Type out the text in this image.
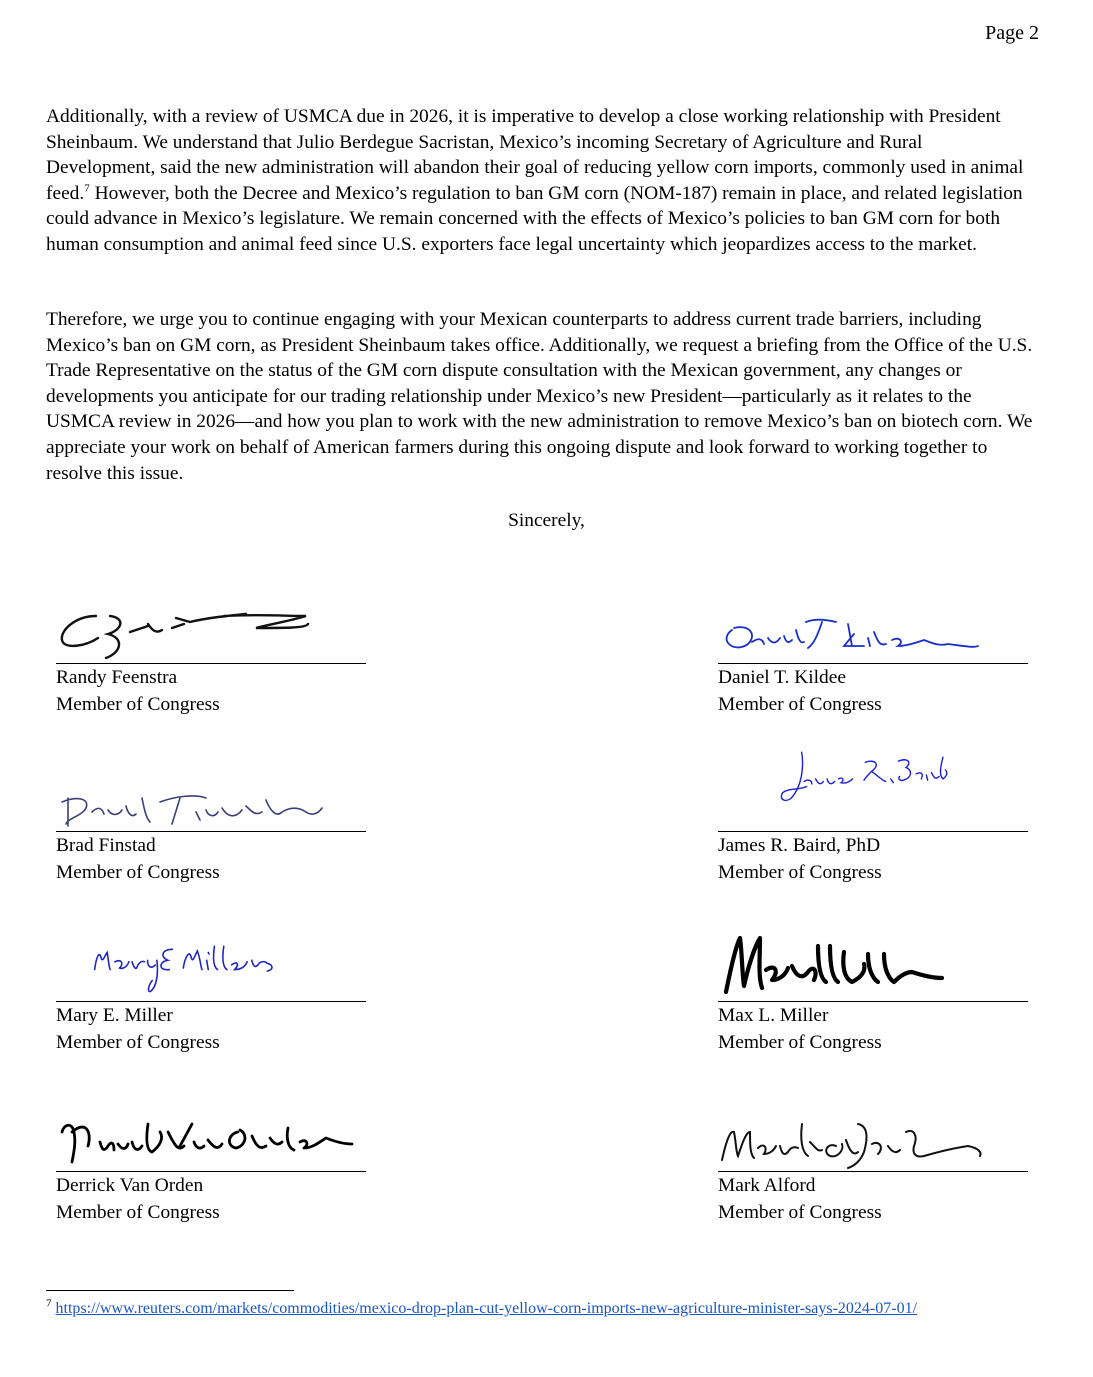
Page 2

Additionally, with a review of USMCA due in 2026, it is imperative to develop a close working relationship with President Sheinbaum. We understand that Julio Berdegue Sacristan, Mexico’s incoming Secretary of Agriculture and Rural Development, said the new administration will abandon their goal of reducing yellow corn imports, commonly used in animal feed.$^7$ However, both the Decree and Mexico’s regulation to ban GM corn (NOM-187) remain in place, and related legislation could advance in Mexico’s legislature. We remain concerned with the effects of Mexico’s policies to ban GM corn for both human consumption and animal feed since U.S. exporters face legal uncertainty which jeopardizes access to the market.

Therefore, we urge you to continue engaging with your Mexican counterparts to address current trade barriers, including Mexico’s ban on GM corn, as President Sheinbaum takes office. Additionally, we request a briefing from the Office of the U.S. Trade Representative on the status of the GM corn dispute consultation with the Mexican government, any changes or developments you anticipate for our trading relationship under Mexico’s new President—particularly as it relates to the USMCA review in 2026—and how you plan to work with the new administration to remove Mexico’s ban on biotech corn. We appreciate your work on behalf of American farmers during this ongoing dispute and look forward to working together to resolve this issue.

Sincerely,
Randy Feenstra
Member of Congress
Daniel T. Kildee
Member of Congress
Brad Finstad
Member of Congress
James R. Baird, PhD
Member of Congress
Mary E. Miller
Member of Congress
Max L. Miller
Member of Congress
Derrick Van Orden
Member of Congress
Mark Alford
Member of Congress
$^7$ https://www.reuters.com/markets/commodities/mexico-drop-plan-cut-yellow-corn-imports-new-agriculture-minister-says-2024-07-01/
